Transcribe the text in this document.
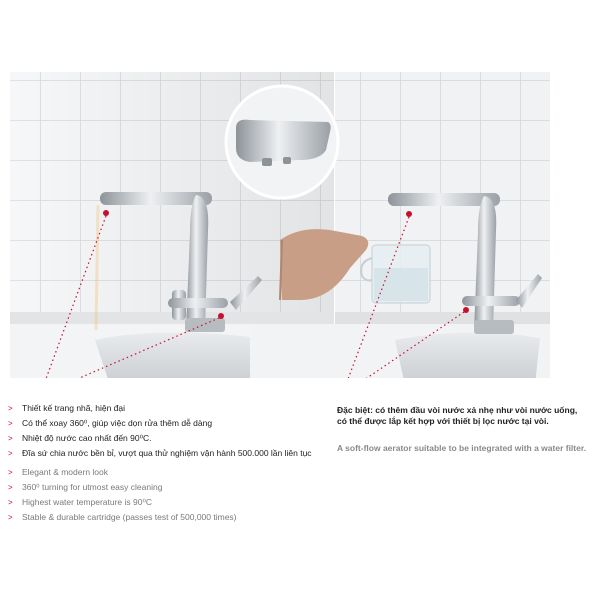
> Thiết kế trang nhã, hiện đại
> Có thể xoay 360⁰, giúp việc dọn rửa thêm dễ dàng
> Nhiệt độ nước cao nhất đến 90⁰C.
> Đĩa sứ chia nước bền bỉ, vượt qua thử nghiệm vận hành 500.000 lần liên tục
> Elegant & modern look
> 360⁰ turning for utmost easy cleaning
> Highest water temperature is 90⁰C
> Stable & durable cartridge (passes test of 500,000 times)
Đặc biệt: có thêm đầu vòi nước xả nhẹ như vòi nước uống, có thể được lắp kết hợp với thiết bị lọc nước tại vòi.
A soft-flow aerator suitable to be integrated with a water filter.
